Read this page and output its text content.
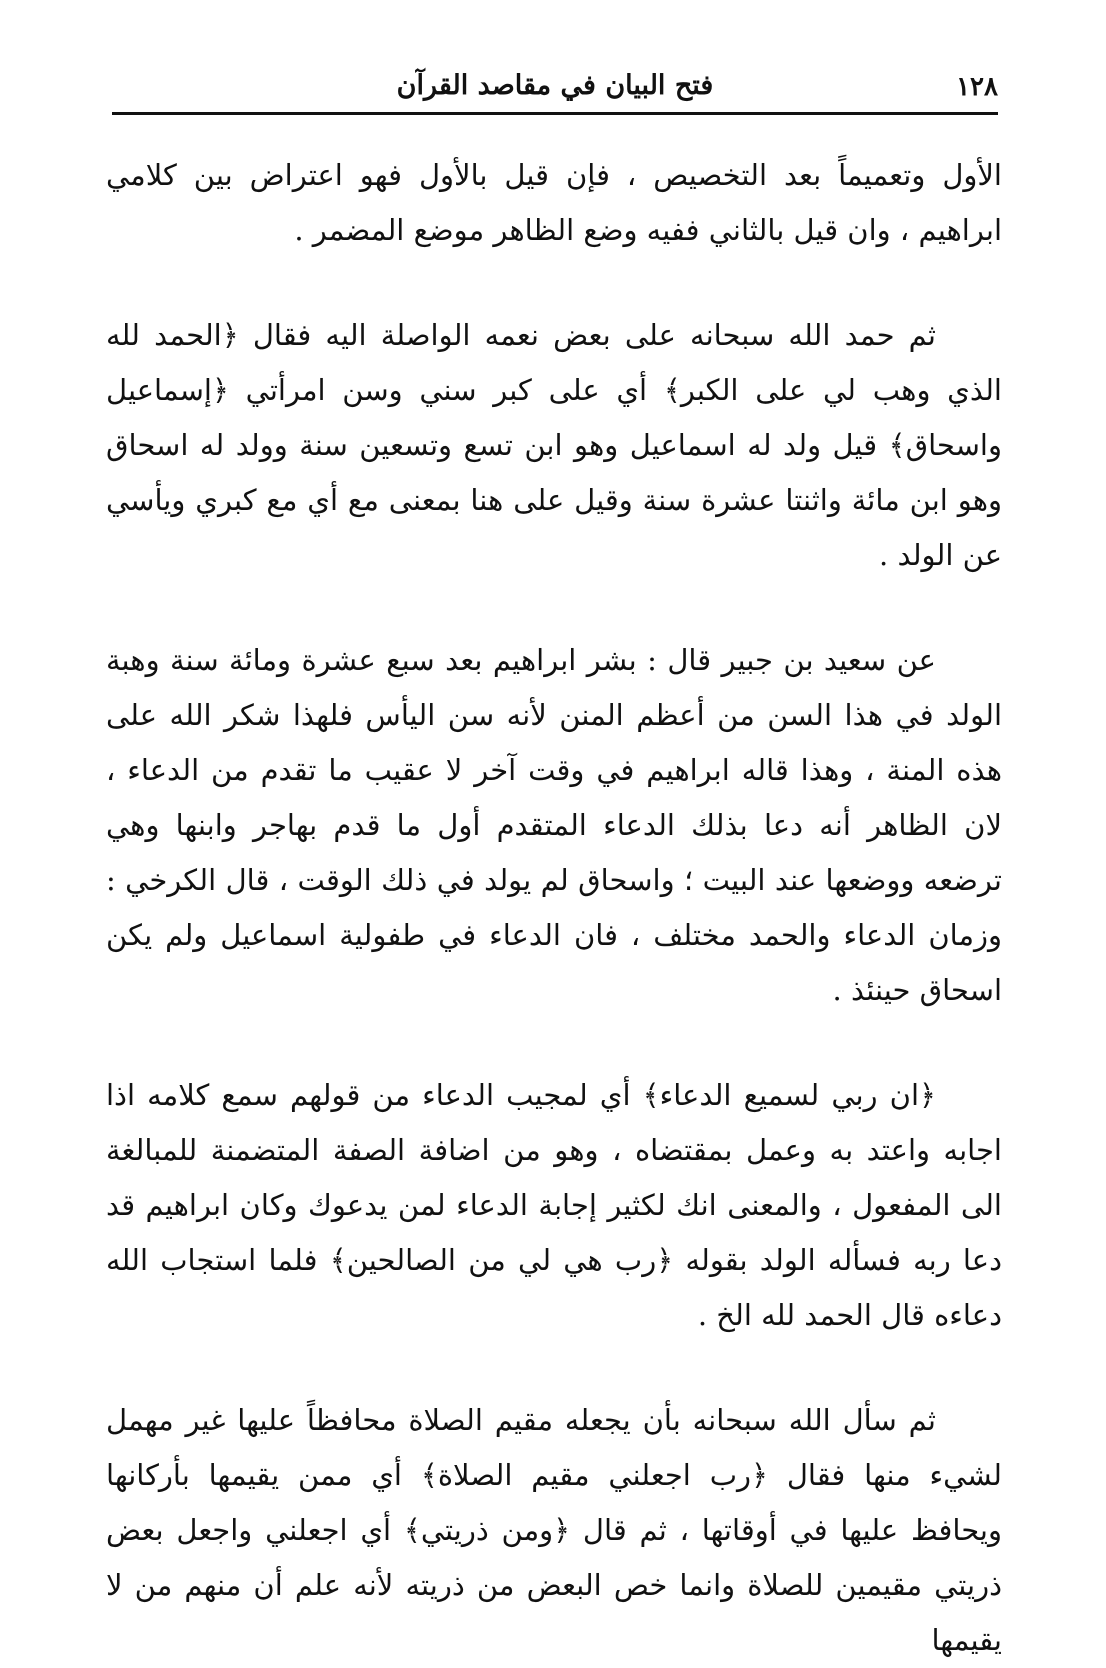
١٢٨
فتح البيان في مقاصد القرآن

الأول وتعميماً بعد التخصيص ، فإن قيل بالأول فهو اعتراض بين كلامي ابراهيم ، وان قيل بالثاني ففيه وضع الظاهر موضع المضمر .

ثم حمد الله سبحانه على بعض نعمه الواصلة اليه فقال ﴿الحمد لله الذي وهب لي على الكبر﴾ أي على كبر سني وسن امرأتي ﴿إسماعيل واسحاق﴾ قيل ولد له اسماعيل وهو ابن تسع وتسعين سنة وولد له اسحاق وهو ابن مائة واثنتا عشرة سنة وقيل على هنا بمعنى مع أي مع كبري ويأسي عن الولد .

عن سعيد بن جبير قال : بشر ابراهيم بعد سبع عشرة ومائة سنة وهبة الولد في هذا السن من أعظم المنن لأنه سن اليأس فلهذا شكر الله على هذه المنة ، وهذا قاله ابراهيم في وقت آخر لا عقيب ما تقدم من الدعاء ، لان الظاهر أنه دعا بذلك الدعاء المتقدم أول ما قدم بهاجر وابنها وهي ترضعه ووضعها عند البيت ؛ واسحاق لم يولد في ذلك الوقت ، قال الكرخي : وزمان الدعاء والحمد مختلف ، فان الدعاء في طفولية اسماعيل ولم يكن اسحاق حينئذ .

﴿ان ربي لسميع الدعاء﴾ أي لمجيب الدعاء من قولهم سمع كلامه اذا اجابه واعتد به وعمل بمقتضاه ، وهو من اضافة الصفة المتضمنة للمبالغة الى المفعول ، والمعنى انك لكثير إجابة الدعاء لمن يدعوك وكان ابراهيم قد دعا ربه فسأله الولد بقوله ﴿رب هي لي من الصالحين﴾ فلما استجاب الله دعاءه قال الحمد لله الخ .

ثم سأل الله سبحانه بأن يجعله مقيم الصلاة محافظاً عليها غير مهمل لشيء منها فقال ﴿رب اجعلني مقيم الصلاة﴾ أي ممن يقيمها بأركانها ويحافظ عليها في أوقاتها ، ثم قال ﴿ومن ذريتي﴾ أي اجعلني واجعل بعض ذريتي مقيمين للصلاة وانما خص البعض من ذريته لأنه علم أن منهم من لا يقيمها
